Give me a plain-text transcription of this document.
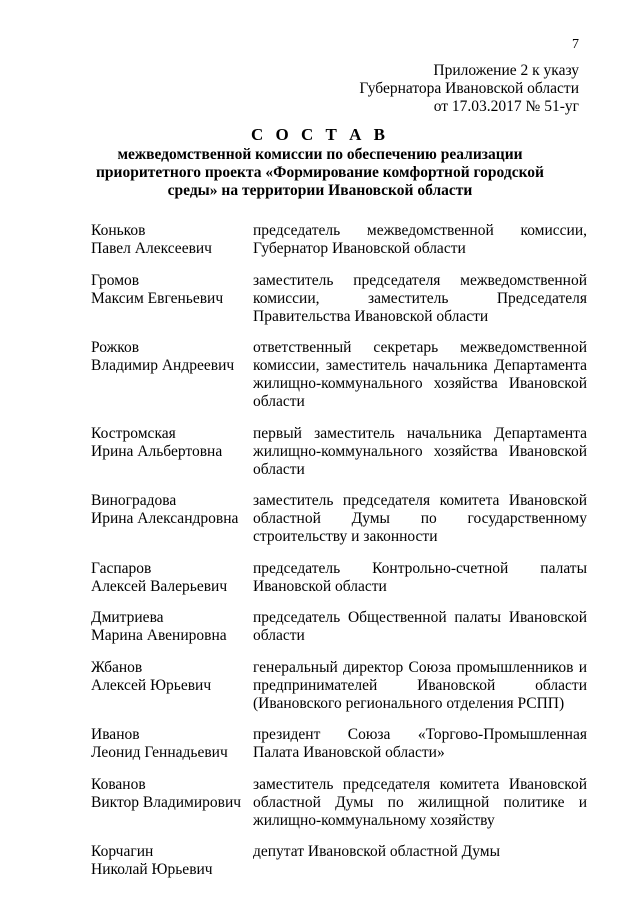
7
Приложение 2 к указу
Губернатора Ивановской области
от 17.03.2017 № 51-уг
С О С Т А В
межведомственной комиссии по обеспечению реализации
приоритетного проекта «Формирование комфортной городской
среды» на территории Ивановской области
Коньков
Павел Алексеевич
председатель межведомственной комиссии, Губернатор Ивановской области
Громов
Максим Евгеньевич
заместитель председателя межведомственной комиссии, заместитель Председателя Правительства Ивановской области
Рожков
Владимир Андреевич
ответственный секретарь межведомственной комиссии, заместитель начальника Департамента жилищно-коммунального хозяйства Ивановской области
Костромская
Ирина Альбертовна
первый заместитель начальника Департамента жилищно-коммунального хозяйства Ивановской области
Виноградова
Ирина Александровна
заместитель председателя комитета Ивановской областной Думы по государственному строительству и законности
Гаспаров
Алексей Валерьевич
председатель Контрольно-счетной палаты Ивановской области
Дмитриева
Марина Авенировна
председатель Общественной палаты Ивановской области
Жбанов
Алексей Юрьевич
генеральный директор Союза промышленников и предпринимателей Ивановской области (Ивановского регионального отделения РСПП)
Иванов
Леонид Геннадьевич
президент Союза «Торгово-Промышленная Палата Ивановской области»
Кованов
Виктор Владимирович
заместитель председателя комитета Ивановской областной Думы по жилищной политике и жилищно-коммунальному хозяйству
Корчагин
Николай Юрьевич
депутат Ивановской областной Думы
